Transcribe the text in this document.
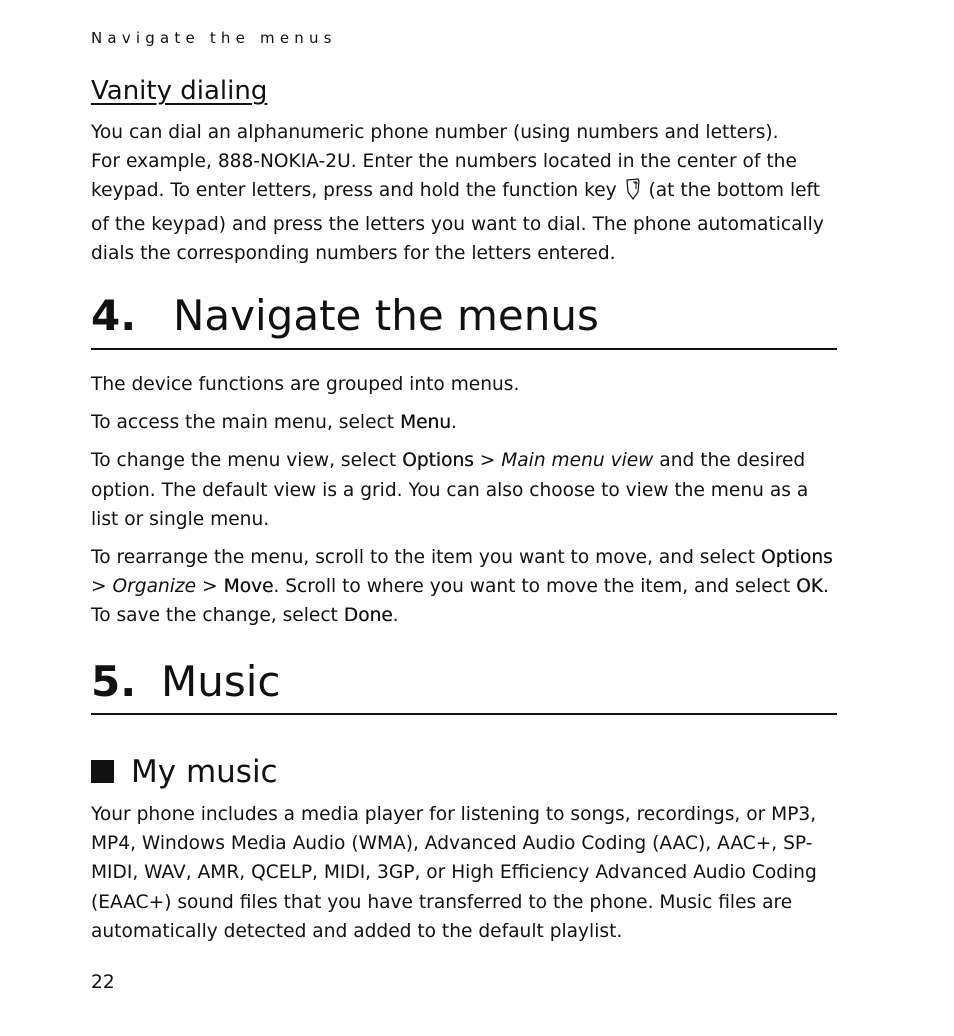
Navigate the menus
Vanity dialing

You can dial an alphanumeric phone number (using numbers and letters).
For example, 888-NOKIA-2U. Enter the numbers located in the center of the keypad. To enter letters, press and hold the function key (at the bottom left of the keypad) and press the letters you want to dial. The phone automatically dials the corresponding numbers for the letters entered.

4. Navigate the menus

The device functions are grouped into menus.

To access the main menu, select Menu.

To change the menu view, select Options > Main menu view and the desired option. The default view is a grid. You can also choose to view the menu as a list or single menu.

To rearrange the menu, scroll to the item you want to move, and select Options > Organize > Move. Scroll to where you want to move the item, and select OK.
To save the change, select Done.

5. Music
My music

Your phone includes a media player for listening to songs, recordings, or MP3, MP4, Windows Media Audio (WMA), Advanced Audio Coding (AAC), AAC+, SP-MIDI, WAV, AMR, QCELP, MIDI, 3GP, or High Efficiency Advanced Audio Coding (EAAC+) sound files that you have transferred to the phone. Music files are automatically detected and added to the default playlist.

22
